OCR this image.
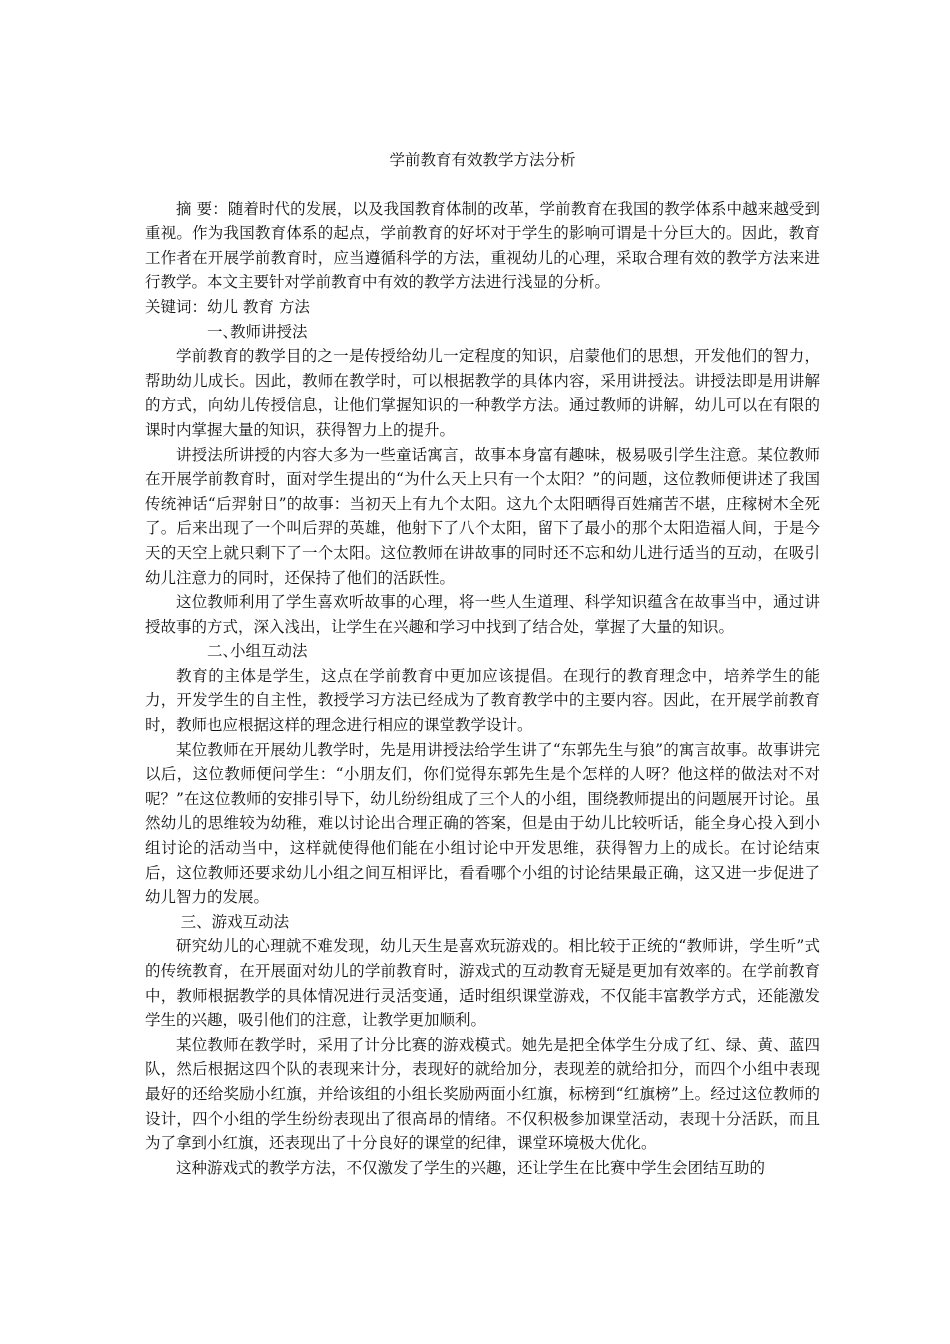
学前教育有效教学方法分析

摘 要：随着时代的发展，以及我国教育体制的改革，学前教育在我国的教学体系中越来越受到重视。作为我国教育体系的起点，学前教育的好坏对于学生的影响可谓是十分巨大的。因此，教育工作者在开展学前教育时，应当遵循科学的方法，重视幼儿的心理，采取合理有效的教学方法来进行教学。本文主要针对学前教育中有效的教学方法进行浅显的分析。

关键词：幼儿 教育 方法

一、教师讲授法

学前教育的教学目的之一是传授给幼儿一定程度的知识，启蒙他们的思想，开发他们的智力，帮助幼儿成长。因此，教师在教学时，可以根据教学的具体内容，采用讲授法。讲授法即是用讲解的方式，向幼儿传授信息，让他们掌握知识的一种教学方法。通过教师的讲解，幼儿可以在有限的课时内掌握大量的知识，获得智力上的提升。

讲授法所讲授的内容大多为一些童话寓言，故事本身富有趣味，极易吸引学生注意。某位教师在开展学前教育时，面对学生提出的“为什么天上只有一个太阳？”的问题，这位教师便讲述了我国传统神话“后羿射日”的故事：当初天上有九个太阳。这九个太阳晒得百姓痛苦不堪，庄稼树木全死了。后来出现了一个叫后羿的英雄，他射下了八个太阳，留下了最小的那个太阳造福人间，于是今天的天空上就只剩下了一个太阳。这位教师在讲故事的同时还不忘和幼儿进行适当的互动，在吸引幼儿注意力的同时，还保持了他们的活跃性。

这位教师利用了学生喜欢听故事的心理，将一些人生道理、科学知识蕴含在故事当中，通过讲授故事的方式，深入浅出，让学生在兴趣和学习中找到了结合处，掌握了大量的知识。

二、小组互动法

教育的主体是学生，这点在学前教育中更加应该提倡。在现行的教育理念中，培养学生的能力，开发学生的自主性，教授学习方法已经成为了教育教学中的主要内容。因此，在开展学前教育时，教师也应根据这样的理念进行相应的课堂教学设计。

某位教师在开展幼儿教学时，先是用讲授法给学生讲了“东郭先生与狼”的寓言故事。故事讲完以后，这位教师便问学生：“小朋友们，你们觉得东郭先生是个怎样的人呀？他这样的做法对不对呢？”在这位教师的安排引导下，幼儿纷纷组成了三个人的小组，围绕教师提出的问题展开讨论。虽然幼儿的思维较为幼稚，难以讨论出合理正确的答案，但是由于幼儿比较听话，能全身心投入到小组讨论的活动当中，这样就使得他们能在小组讨论中开发思维，获得智力上的成长。在讨论结束后，这位教师还要求幼儿小组之间互相评比，看看哪个小组的讨论结果最正确，这又进一步促进了幼儿智力的发展。

三、游戏互动法

研究幼儿的心理就不难发现，幼儿天生是喜欢玩游戏的。相比较于正统的“教师讲，学生听”式的传统教育，在开展面对幼儿的学前教育时，游戏式的互动教育无疑是更加有效率的。在学前教育中，教师根据教学的具体情况进行灵活变通，适时组织课堂游戏，不仅能丰富教学方式，还能激发学生的兴趣，吸引他们的注意，让教学更加顺利。

某位教师在教学时，采用了计分比赛的游戏模式。她先是把全体学生分成了红、绿、黄、蓝四队，然后根据这四个队的表现来计分，表现好的就给加分，表现差的就给扣分，而四个小组中表现最好的还给奖励小红旗，并给该组的小组长奖励两面小红旗，标榜到“红旗榜”上。经过这位教师的设计，四个小组的学生纷纷表现出了很高昂的情绪。不仅积极参加课堂活动，表现十分活跃，而且为了拿到小红旗，还表现出了十分良好的课堂的纪律，课堂环境极大优化。

这种游戏式的教学方法，不仅激发了学生的兴趣，还让学生在比赛中学生会团结互助的
